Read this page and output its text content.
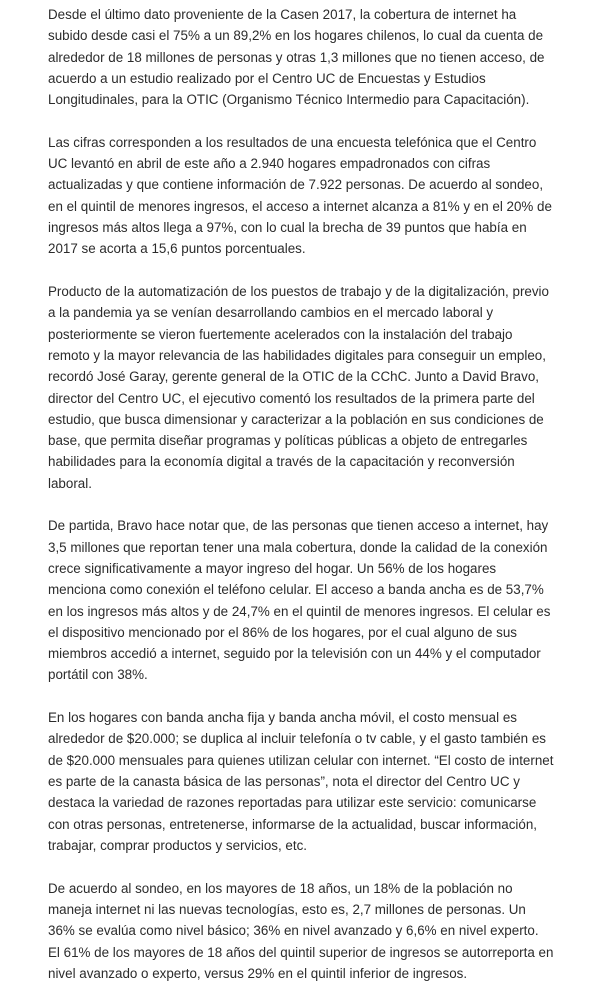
Desde el último dato proveniente de la Casen 2017, la cobertura de internet ha subido desde casi el 75% a un 89,2% en los hogares chilenos, lo cual da cuenta de alrededor de 18 millones de personas y otras 1,3 millones que no tienen acceso, de acuerdo a un estudio realizado por el Centro UC de Encuestas y Estudios Longitudinales, para la OTIC (Organismo Técnico Intermedio para Capacitación).

Las cifras corresponden a los resultados de una encuesta telefónica que el Centro UC levantó en abril de este año a 2.940 hogares empadronados con cifras actualizadas y que contiene información de 7.922 personas. De acuerdo al sondeo, en el quintil de menores ingresos, el acceso a internet alcanza a 81% y en el 20% de ingresos más altos llega a 97%, con lo cual la brecha de 39 puntos que había en 2017 se acorta a 15,6 puntos porcentuales.

Producto de la automatización de los puestos de trabajo y de la digitalización, previo a la pandemia ya se venían desarrollando cambios en el mercado laboral y posteriormente se vieron fuertemente acelerados con la instalación del trabajo remoto y la mayor relevancia de las habilidades digitales para conseguir un empleo, recordó José Garay, gerente general de la OTIC de la CChC. Junto a David Bravo, director del Centro UC, el ejecutivo comentó los resultados de la primera parte del estudio, que busca dimensionar y caracterizar a la población en sus condiciones de base, que permita diseñar programas y políticas públicas a objeto de entregarles habilidades para la economía digital a través de la capacitación y reconversión laboral.

De partida, Bravo hace notar que, de las personas que tienen acceso a internet, hay 3,5 millones que reportan tener una mala cobertura, donde la calidad de la conexión crece significativamente a mayor ingreso del hogar. Un 56% de los hogares menciona como conexión el teléfono celular. El acceso a banda ancha es de 53,7% en los ingresos más altos y de 24,7% en el quintil de menores ingresos. El celular es el dispositivo mencionado por el 86% de los hogares, por el cual alguno de sus miembros accedió a internet, seguido por la televisión con un 44% y el computador portátil con 38%.

En los hogares con banda ancha fija y banda ancha móvil, el costo mensual es alrededor de $20.000; se duplica al incluir telefonía o tv cable, y el gasto también es de $20.000 mensuales para quienes utilizan celular con internet. “El costo de internet es parte de la canasta básica de las personas”, nota el director del Centro UC y destaca la variedad de razones reportadas para utilizar este servicio: comunicarse con otras personas, entretenerse, informarse de la actualidad, buscar información, trabajar, comprar productos y servicios, etc.

De acuerdo al sondeo, en los mayores de 18 años, un 18% de la población no maneja internet ni las nuevas tecnologías, esto es, 2,7 millones de personas. Un 36% se evalúa como nivel básico; 36% en nivel avanzado y 6,6% en nivel experto. El 61% de los mayores de 18 años del quintil superior de ingresos se autorreporta en nivel avanzado o experto, versus 29% en el quintil inferior de ingresos.
